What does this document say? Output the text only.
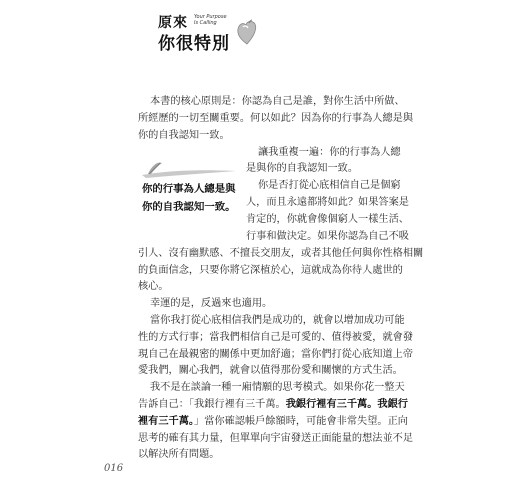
原來 Your Purpose
Is Calling
你很特別
本書的核心原則是：你認為自己是誰，對你生活中所做、
所經歷的一切至關重要。何以如此？因為你的行事為人總是與
你的自我認知一致。
讓我重複一遍：你的行事為人總
是與你的自我認知一致。
你是否打從心底相信自己是個窮
人，而且永遠都將如此？如果答案是
肯定的，你就會像個窮人一樣生活、
行事和做決定。如果你認為自己不吸
引人、沒有幽默感、不擅長交朋友，或者其他任何與你性格相關
的負面信念，只要你將它深植於心，這就成為你待人處世的
核心。
幸運的是，反過來也適用。
當你我打從心底相信我們是成功的，就會以增加成功可能
性的方式行事；當我們相信自己是可愛的、值得被愛，就會發
現自己在最親密的關係中更加舒適；當你們打從心底知道上帝
愛我們，關心我們，就會以值得那份愛和關懷的方式生活。
我不是在談論一種一廂情願的思考模式。如果你花一整天
告訴自己：「我銀行裡有三千萬。我銀行裡有三千萬。我銀行
裡有三千萬。」當你確認帳戶餘額時，可能會非常失望。正向
思考的確有其力量，但單單向宇宙發送正面能量的想法並不足
以解決所有問題。
你的行事為人總是與
你的自我認知一致。
016
